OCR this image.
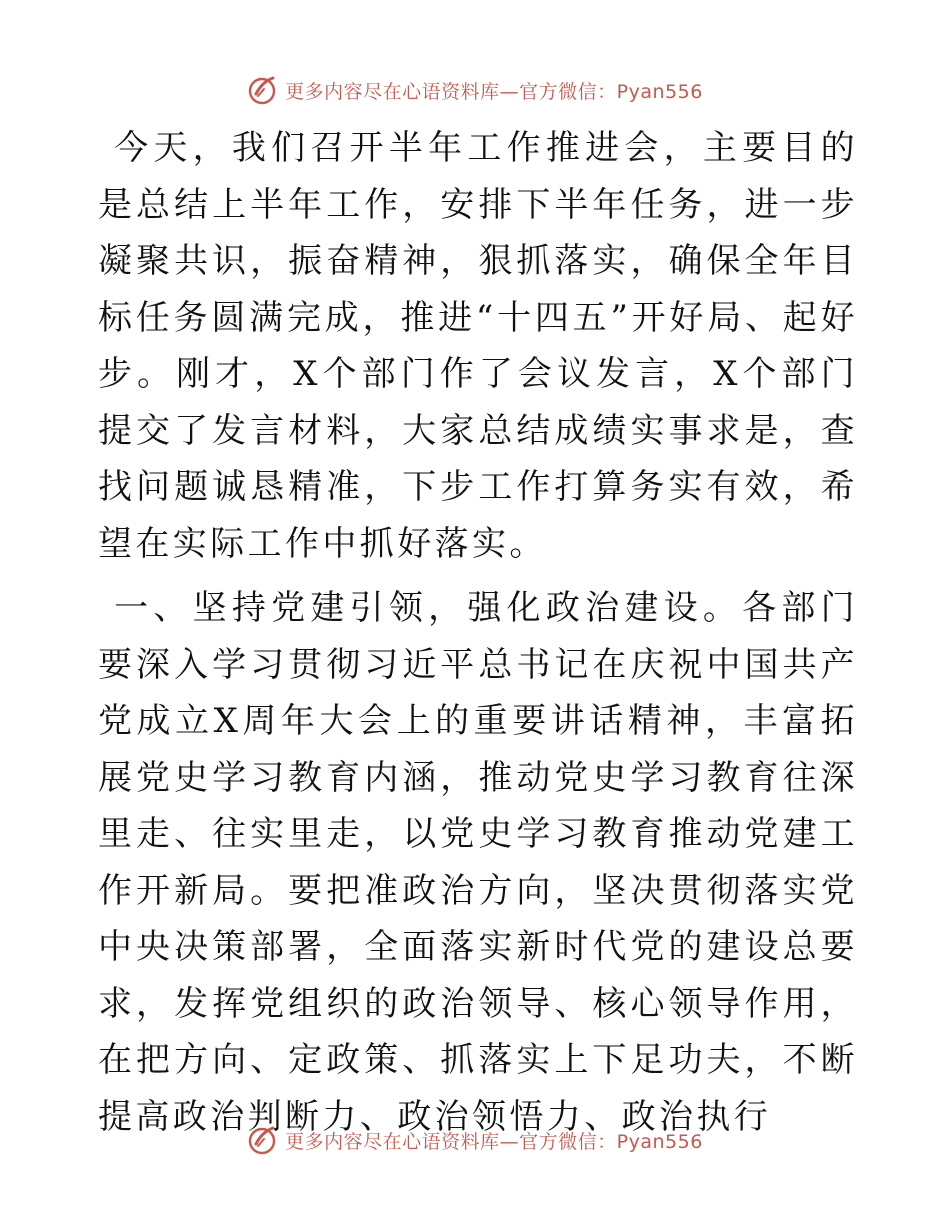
更多内容尽在心语资料库—官方微信：Pyan556

今天，我们召开半年工作推进会，主要目的是总结上半年工作，安排下半年任务，进一步凝聚共识，振奋精神，狠抓落实，确保全年目标任务圆满完成，推进“十四五”开好局、起好步。刚才，X个部门作了会议发言，X个部门提交了发言材料，大家总结成绩实事求是，查找问题诚恳精准，下步工作打算务实有效，希望在实际工作中抓好落实。

一、坚持党建引领，强化政治建设。各部门要深入学习贯彻习近平总书记在庆祝中国共产党成立X周年大会上的重要讲话精神，丰富拓展党史学习教育内涵，推动党史学习教育往深里走、往实里走，以党史学习教育推动党建工作开新局。要把准政治方向，坚决贯彻落实党中央决策部署，全面落实新时代党的建设总要求，发挥党组织的政治领导、核心领导作用，在把方向、定政策、抓落实上下足功夫，不断提高政治判断力、政治领悟力、政治执行

更多内容尽在心语资料库—官方微信：Pyan556
